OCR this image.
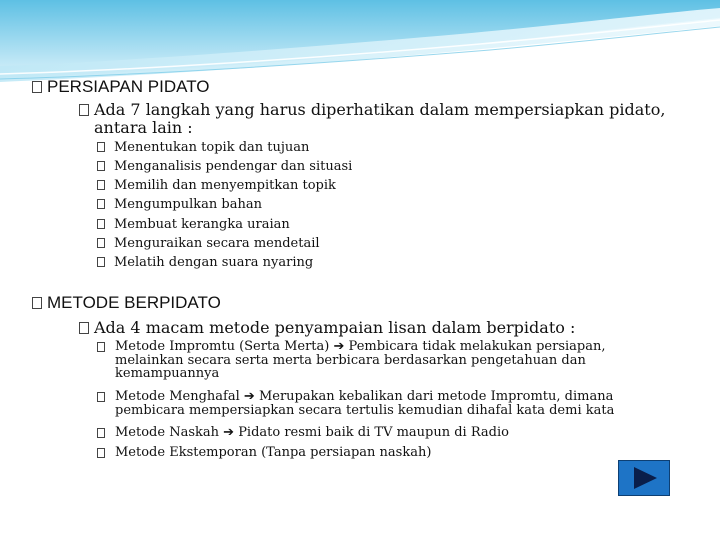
PERSIAPAN PIDATO
Ada 7 langkah yang harus diperhatikan dalam mempersiapkan pidato,
antara lain :
Menentukan topik dan tujuan
Menganalisis pendengar dan situasi
Memilih dan menyempitkan topik
Mengumpulkan bahan
Membuat kerangka uraian
Menguraikan secara mendetail
Melatih dengan suara nyaring
METODE BERPIDATO
Ada 4 macam metode penyampaian lisan dalam berpidato :
Metode Impromtu (Serta Merta) ➔ Pembicara tidak melakukan persiapan,
melainkan secara serta merta berbicara berdasarkan pengetahuan dan
kemampuannya
Metode Menghafal ➔ Merupakan kebalikan dari metode Impromtu, dimana
pembicara mempersiapkan secara tertulis kemudian dihafal kata demi kata
Metode Naskah ➔ Pidato resmi baik di TV maupun di Radio
Metode Ekstemporan (Tanpa persiapan naskah)
